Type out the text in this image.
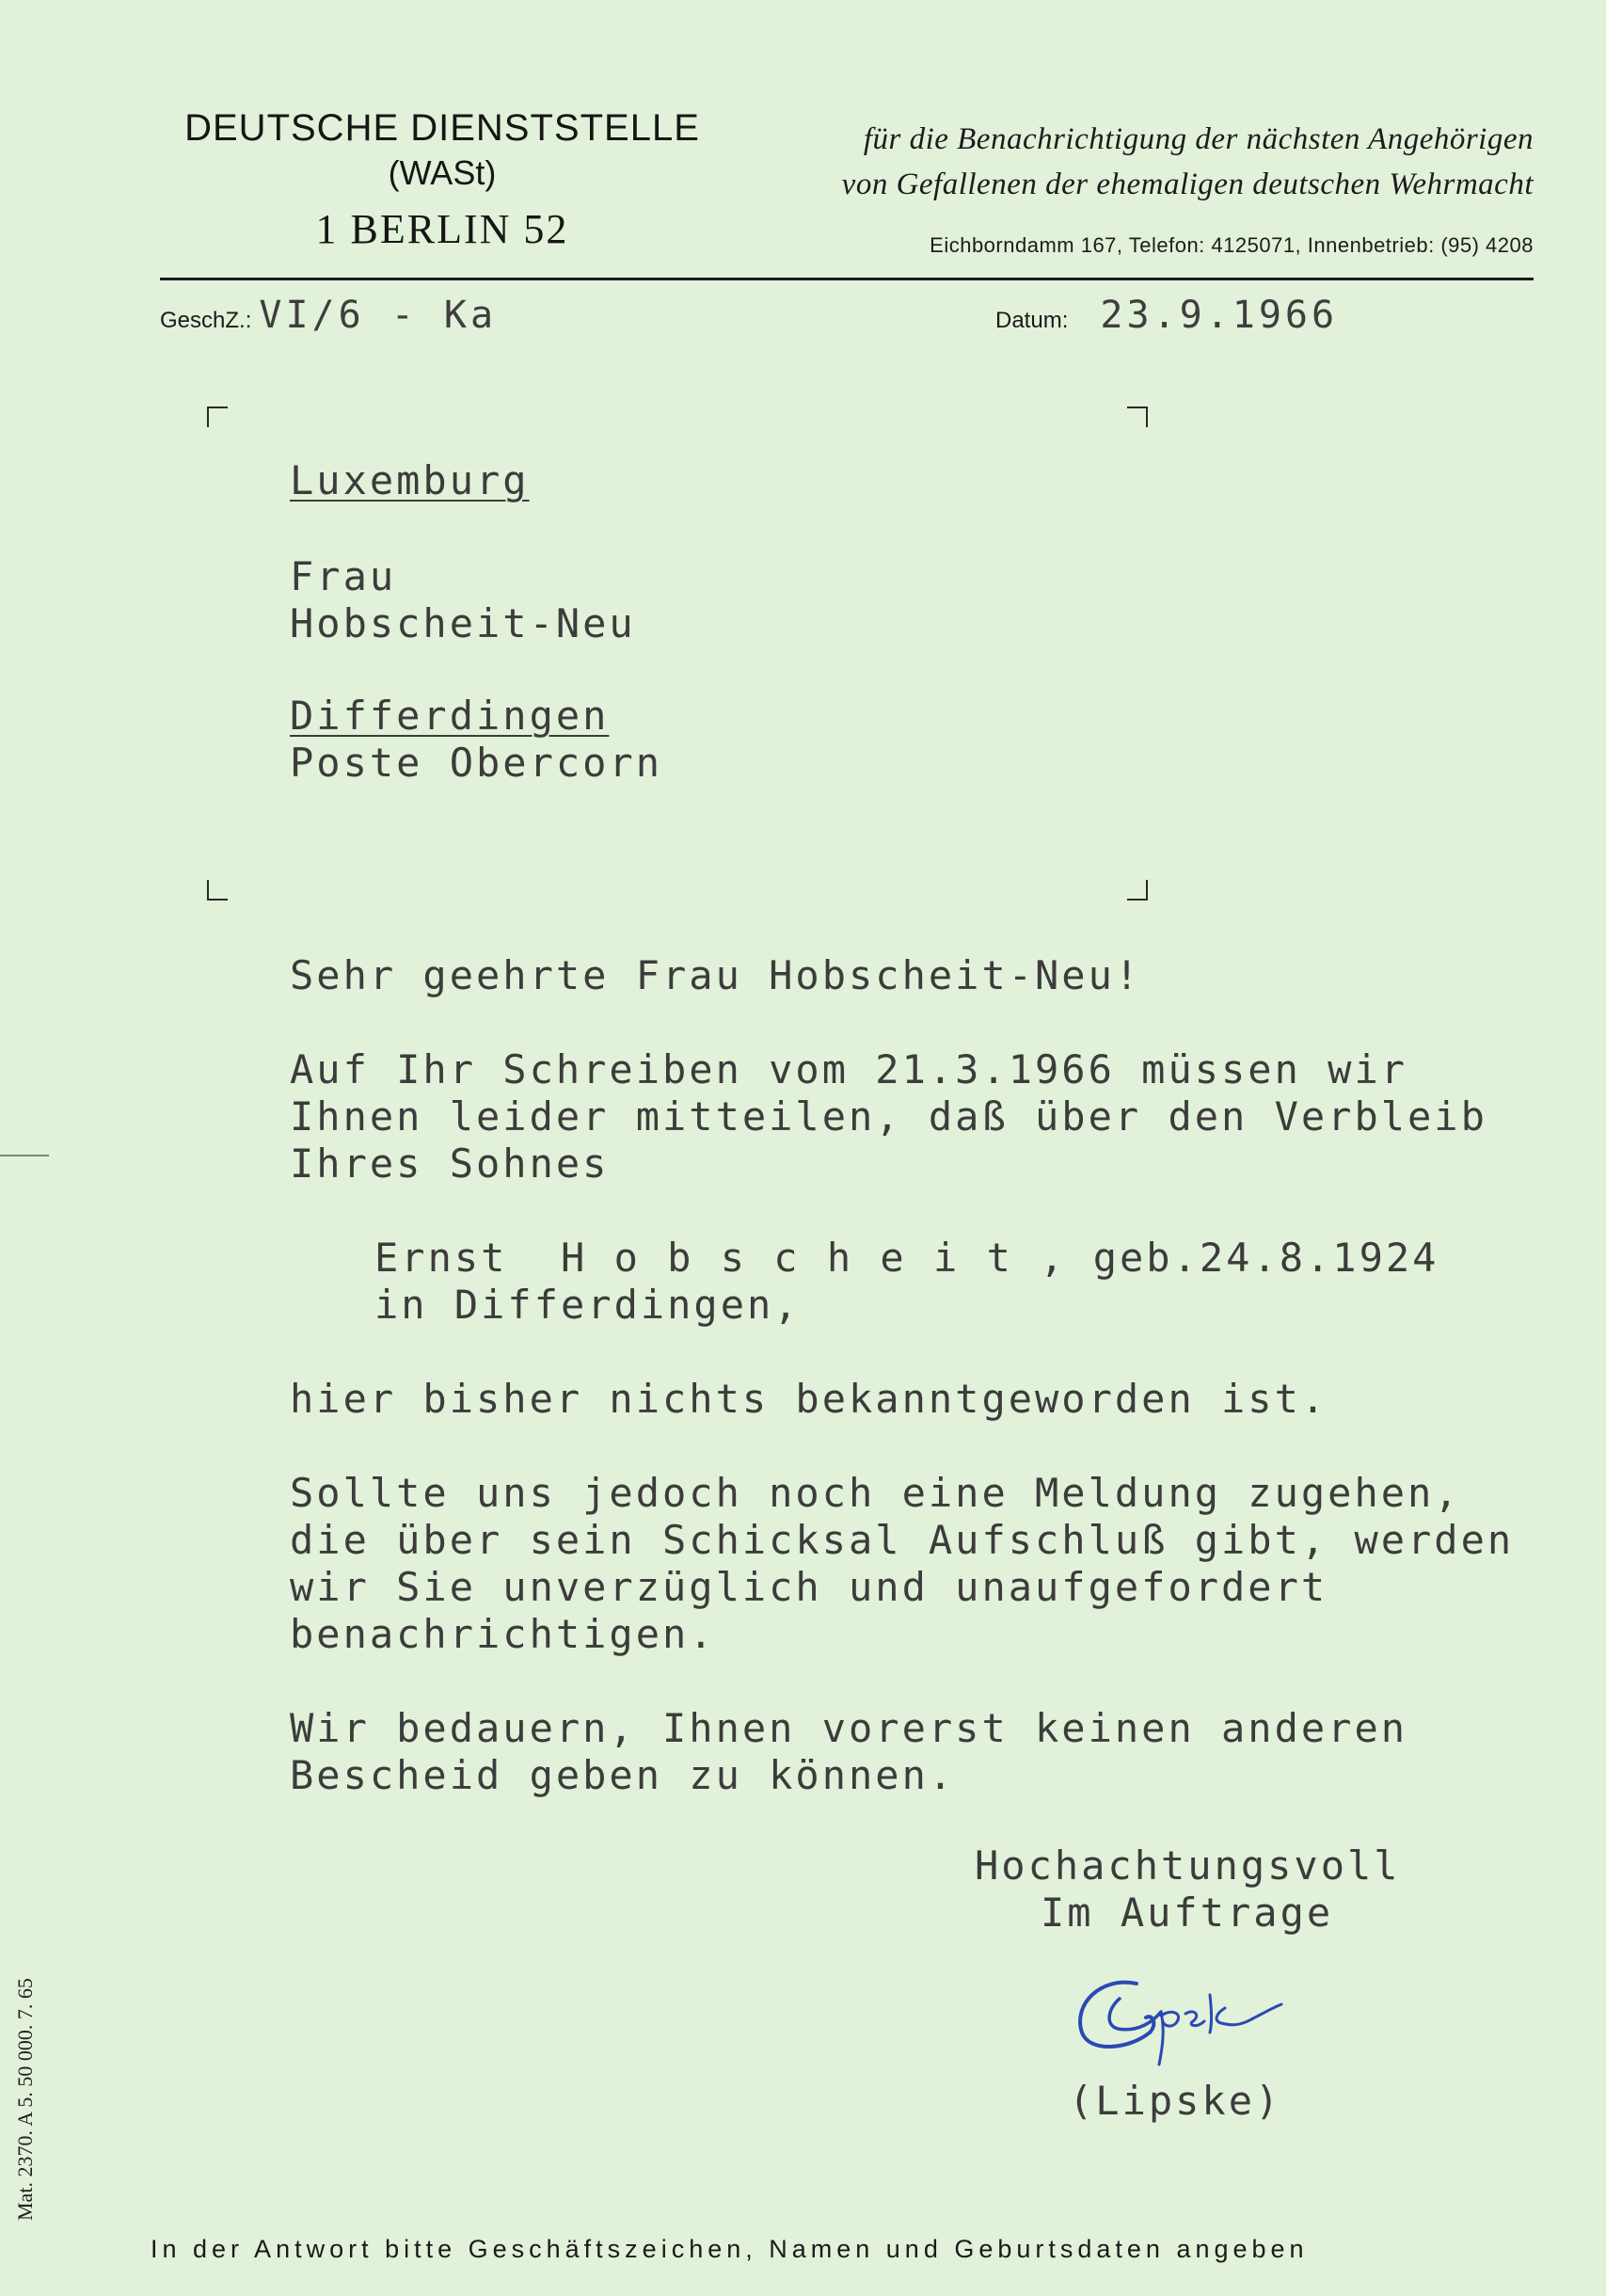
DEUTSCHE DIENSTSTELLE
(WASt)
1 BERLIN 52
für die Benachrichtigung der nächsten Angehörigen
von Gefallenen der ehemaligen deutschen Wehrmacht
Eichborndamm 167, Telefon: 4125071, Innenbetrieb: (95) 4208
GeschZ.: VI/6 - Ka	Datum: 23.9.1966
Luxemburg
Frau
Hobscheit-Neu
Differdingen
Poste Obercorn
Sehr geehrte Frau Hobscheit-Neu!
Auf Ihr Schreiben vom 21.3.1966 müssen wir
Ihnen leider mitteilen, daß über den Verbleib
Ihres Sohnes
Ernst  H o b s c h e i t , geb.24.8.1924
in Differdingen,
hier bisher nichts bekanntgeworden ist.
Sollte uns jedoch noch eine Meldung zugehen,
die über sein Schicksal Aufschluß gibt, werden
wir Sie unverzüglich und unaufgefordert
benachrichtigen.
Wir bedauern, Ihnen vorerst keinen anderen
Bescheid geben zu können.
Hochachtungsvoll
Im Auftrage
(Lipske)
Mat. 2370. A 5. 50 000. 7. 65
In der Antwort bitte Geschäftszeichen, Namen und Geburtsdaten angeben
